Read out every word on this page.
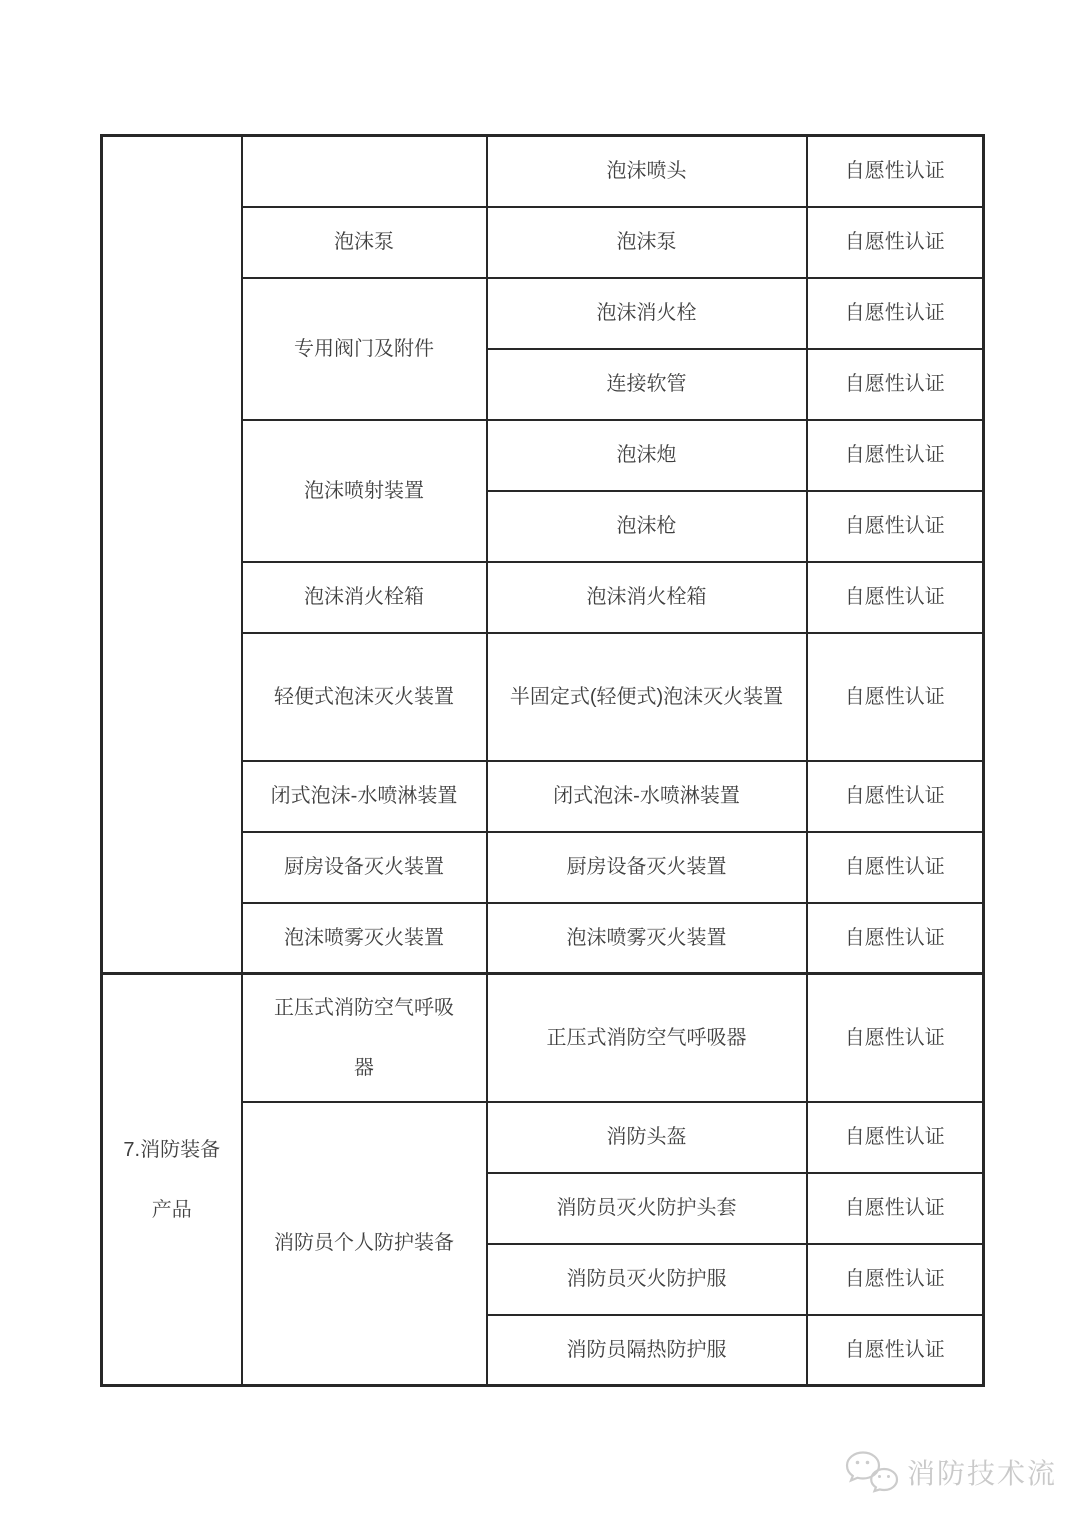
		泡沫喷头	自愿性认证
	泡沫泵	泡沫泵	自愿性认证
	专用阀门及附件	泡沫消火栓	自愿性认证
		连接软管	自愿性认证
	泡沫喷射装置	泡沫炮	自愿性认证
		泡沫枪	自愿性认证
	泡沫消火栓箱	泡沫消火栓箱	自愿性认证
	轻便式泡沫灭火装置	半固定式(轻便式)泡沫灭火装置	自愿性认证
	闭式泡沫-水喷淋装置	闭式泡沫-水喷淋装置	自愿性认证
	厨房设备灭火装置	厨房设备灭火装置	自愿性认证
	泡沫喷雾灭火装置	泡沫喷雾灭火装置	自愿性认证
7.消防装备产品	正压式消防空气呼吸器	正压式消防空气呼吸器	自愿性认证
	消防员个人防护装备	消防头盔	自愿性认证
		消防员灭火防护头套	自愿性认证
		消防员灭火防护服	自愿性认证
		消防员隔热防护服	自愿性认证
消防技术流
